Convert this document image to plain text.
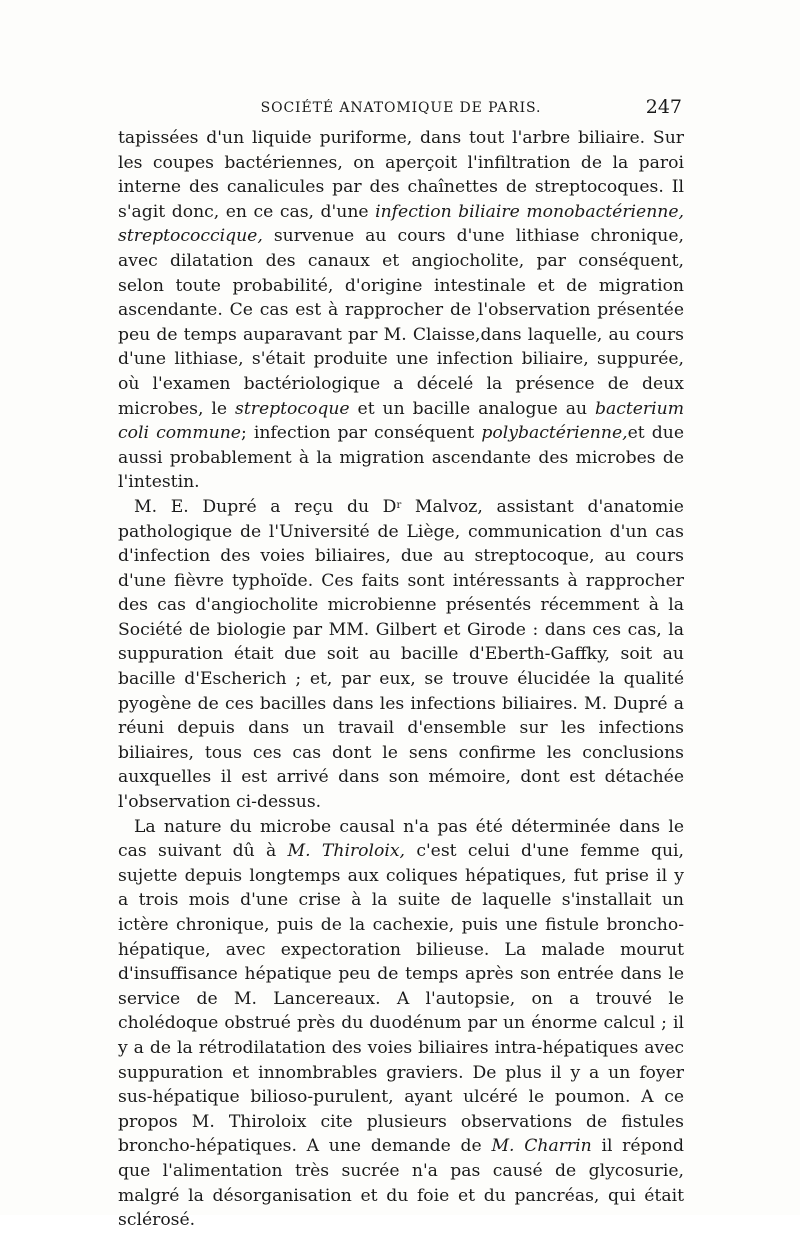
SOCIÉTÉ ANATOMIQUE DE PARIS.	247

tapissées d'un liquide puriforme, dans tout l'arbre biliaire. Sur les coupes bactériennes, on aperçoit l'infiltration de la paroi interne des canalicules par des chaînettes de streptocoques. Il s'agit donc, en ce cas, d'une infection biliaire monobactérienne, streptococcique, survenue au cours d'une lithiase chronique, avec dilatation des canaux et angiocholite, par conséquent, selon toute probabilité, d'origine intestinale et de migration ascendante. Ce cas est à rapprocher de l'observation présentée peu de temps auparavant par M. Claisse,dans laquelle, au cours d'une lithiase, s'était produite une infection biliaire, suppurée, où l'examen bactériologique a décelé la présence de deux microbes, le streptocoque et un bacille analogue au bacterium coli commune; infection par conséquent polybactérienne,et due aussi probablement à la migration ascendante des microbes de l'intestin.

M. E. Dupré a reçu du $D^r$ Malvoz, assistant d'anatomie pathologique de l'Université de Liège, communication d'un cas d'infection des voies biliaires, due au streptocoque, au cours d'une fièvre typhoïde. Ces faits sont intéressants à rapprocher des cas d'angiocholite microbienne présentés récemment à la Société de biologie par MM. Gilbert et Girode : dans ces cas, la suppuration était due soit au bacille d'Eberth-Gaffky, soit au bacille d'Escherich ; et, par eux, se trouve élucidée la qualité pyogène de ces bacilles dans les infections biliaires. M. Dupré a réuni depuis dans un travail d'ensemble sur les infections biliaires, tous ces cas dont le sens confirme les conclusions auxquelles il est arrivé dans son mémoire, dont est détachée l'observation ci-dessus.

La nature du microbe causal n'a pas été déterminée dans le cas suivant dû à M. Thiroloix, c'est celui d'une femme qui, sujette depuis longtemps aux coliques hépatiques, fut prise il y a trois mois d'une crise à la suite de laquelle s'installait un ictère chronique, puis de la cachexie, puis une fistule broncho-hépatique, avec expectoration bilieuse. La malade mourut d'insuffisance hépatique peu de temps après son entrée dans le service de M. Lancereaux. A l'autopsie, on a trouvé le cholédoque obstrué près du duodénum par un énorme calcul ; il y a de la rétrodilatation des voies biliaires intra-hépatiques avec suppuration et innombrables graviers. De plus il y a un foyer sus-hépatique bilioso-purulent, ayant ulcéré le poumon. A ce propos M. Thiroloix cite plusieurs observations de fistules broncho-hépatiques. A une demande de M. Charrin il répond que l'alimentation très sucrée n'a pas causé de glycosurie, malgré la désorganisation et du foie et du pancréas, qui était sclérosé.
